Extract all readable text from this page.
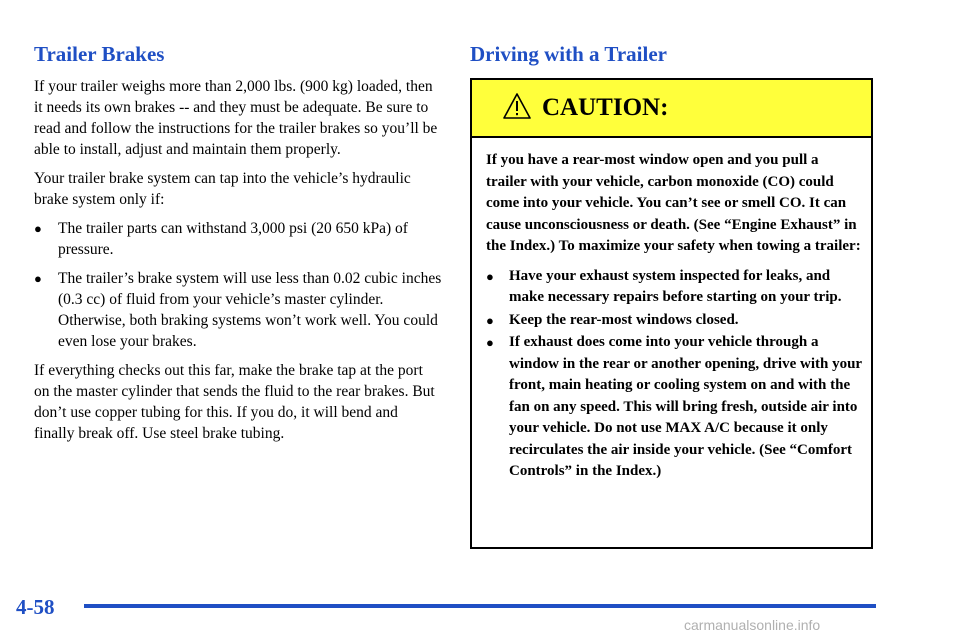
Trailer Brakes

If your trailer weighs more than 2,000 lbs. (900 kg) loaded, then it needs its own brakes -- and they must be adequate. Be sure to read and follow the instructions for the trailer brakes so you’ll be able to install, adjust and maintain them properly.

Your trailer brake system can tap into the vehicle’s hydraulic brake system only if:

●	The trailer parts can withstand 3,000 psi (20 650 kPa) of pressure.
●	The trailer’s brake system will use less than 0.02 cubic inches (0.3 cc) of fluid from your vehicle’s master cylinder. Otherwise, both braking systems won’t work well. You could even lose your brakes.

If everything checks out this far, make the brake tap at the port on the master cylinder that sends the fluid to the rear brakes. But don’t use copper tubing for this. If you do, it will bend and finally break off. Use steel brake tubing.

Driving with a Trailer
CAUTION:

If you have a rear-most window open and you pull a trailer with your vehicle, carbon monoxide (CO) could come into your vehicle. You can’t see or smell CO. It can cause unconsciousness or death. (See “Engine Exhaust” in the Index.) To maximize your safety when towing a trailer:

●	Have your exhaust system inspected for leaks, and make necessary repairs before starting on your trip.
●	Keep the rear-most windows closed.
●	If exhaust does come into your vehicle through a window in the rear or another opening, drive with your front, main heating or cooling system on and with the fan on any speed. This will bring fresh, outside air into your vehicle. Do not use MAX A/C because it only recirculates the air inside your vehicle. (See “Comfort Controls” in the Index.)
4-58
carmanualsonline.info
